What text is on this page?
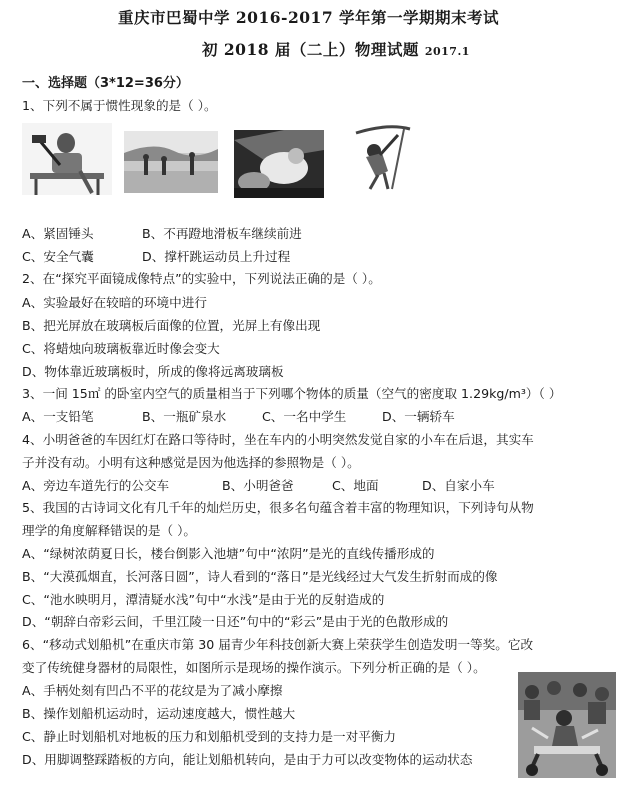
重庆市巴蜀中学 2016-2017 学年第一学期期末考试
初 2018 届（二上）物理试题 2017.1
一、选择题（3*12=36分）
1、下列不属于惯性现象的是（ ）。
A、紧固锤头	B、不再蹬地滑板车继续前进
C、安全气囊	D、撑杆跳运动员上升过程
2、在“探究平面镜成像特点”的实验中，下列说法正确的是（ ）。
A、实验最好在较暗的环境中进行
B、把光屏放在玻璃板后面像的位置，光屏上有像出现
C、将蜡烛向玻璃板靠近时像会变大
D、物体靠近玻璃板时，所成的像将远离玻璃板
3、一间 15㎡ 的卧室内空气的质量相当于下列哪个物体的质量（空气的密度取 1.29kg/m³）（ ）
A、一支铅笔	B、一瓶矿泉水	C、一名中学生	D、一辆轿车
4、小明爸爸的车因红灯在路口等待时，坐在车内的小明突然发觉自家的小车在后退，其实车
子并没有动。小明有这种感觉是因为他选择的参照物是（ ）。
A、旁边车道先行的公交车	B、小明爸爸	C、地面	D、自家小车
5、我国的古诗词文化有几千年的灿烂历史，很多名句蕴含着丰富的物理知识，下列诗句从物
理学的角度解释错误的是（ ）。
A、“绿树浓荫夏日长，楼台倒影入池塘”句中“浓阴”是光的直线传播形成的
B、“大漠孤烟直，长河落日圆”，诗人看到的“落日”是光线经过大气发生折射而成的像
C、“池水映明月，潭清疑水浅”句中“水浅”是由于光的反射造成的
D、“朝辞白帝彩云间，千里江陵一日还”句中的“彩云”是由于光的色散形成的
6、“移动式划船机”在重庆市第 30 届青少年科技创新大赛上荣获学生创造发明一等奖。它改
变了传统健身器材的局限性，如图所示是现场的操作演示。下列分析正确的是（ ）。
A、手柄处刻有凹凸不平的花纹是为了减小摩擦
B、操作划船机运动时，运动速度越大，惯性越大
C、静止时划船机对地板的压力和划船机受到的支持力是一对平衡力
D、用脚调整踩踏板的方向，能让划船机转向，是由于力可以改变物体的运动状态
